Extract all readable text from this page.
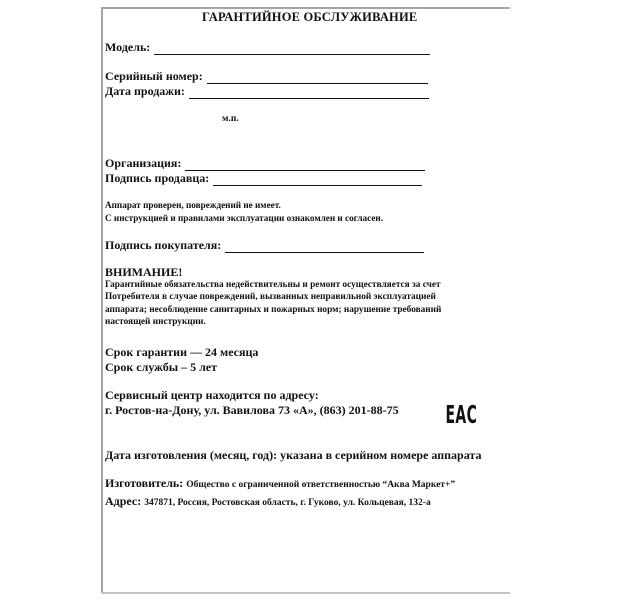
ГАРАНТИЙНОЕ ОБСЛУЖИВАНИЕ
Модель:
Серийный номер:
Дата продажи:
м.п.
Организация:
Подпись продавца:
Аппарат проверен, повреждений не имеет.
С инструкцией и правилами эксплуатации ознакомлен и согласен.
Подпись покупателя:
ВНИМАНИЕ!
Гарантийные обязательства недействительны и ремонт осуществляется за счет
Потребителя в случае повреждений, вызванных неправильной эксплуатацией
аппарата; несоблюдение санитарных и пожарных норм; нарушение требований
настоящей инструкции.
Срок гарантии — 24 месяца
Срок службы – 5 лет
Сервисный центр находится по адресу:
г. Ростов-на-Дону, ул. Вавилова 73 «А», (863) 201-88-75	EAC
Дата изготовления (месяц, год): указана в серийном номере аппарата
Изготовитель: Общество с ограниченной ответственностью “Аква Маркет+”
Адрес: 347871, Россия, Ростовская область, г. Гуково, ул. Кольцевая, 132-а
